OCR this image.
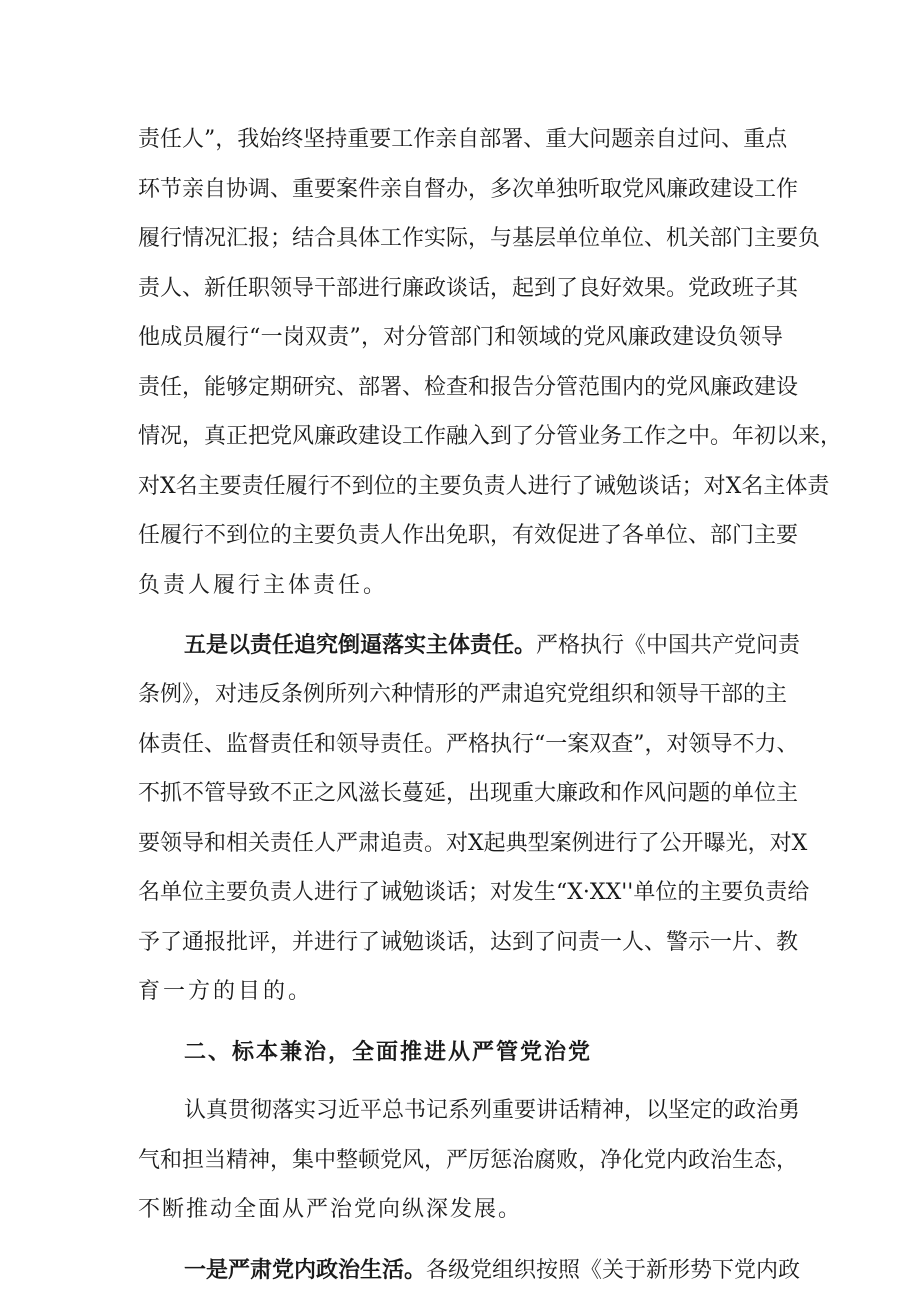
责任人”，我始终坚持重要工作亲自部署、重大问题亲自过问、重点
环节亲自协调、重要案件亲自督办，多次单独听取党风廉政建设工作
履行情况汇报；结合具体工作实际，与基层单位单位、机关部门主要负
责人、新任职领导干部进行廉政谈话，起到了良好效果。党政班子其
他成员履行“一岗双责”，对分管部门和领域的党风廉政建设负领导
责任，能够定期研究、部署、检查和报告分管范围内的党风廉政建设
情况，真正把党风廉政建设工作融入到了分管业务工作之中。年初以来，
对X名主要责任履行不到位的主要负责人进行了诫勉谈话；对X名主体责
任履行不到位的主要负责人作出免职，有效促进了各单位、部门主要
负责人履行主体责任。
五是以责任追究倒逼落实主体责任。严格执行《中国共产党问责
条例》，对违反条例所列六种情形的严肃追究党组织和领导干部的主
体责任、监督责任和领导责任。严格执行“一案双查”，对领导不力、
不抓不管导致不正之风滋长蔓延，出现重大廉政和作风问题的单位主
要领导和相关责任人严肃追责。对X起典型案例进行了公开曝光，对X
名单位主要负责人进行了诫勉谈话；对发生“X·XX''单位的主要负责给
予了通报批评，并进行了诫勉谈话，达到了问责一人、警示一片、教
育一方的目的。
二、标本兼治，全面推进从严管党治党
认真贯彻落实习近平总书记系列重要讲话精神，以坚定的政治勇
气和担当精神，集中整顿党风，严厉惩治腐败，净化党内政治生态，
不断推动全面从严治党向纵深发展。
一是严肃党内政治生活。各级党组织按照《关于新形势下党内政
